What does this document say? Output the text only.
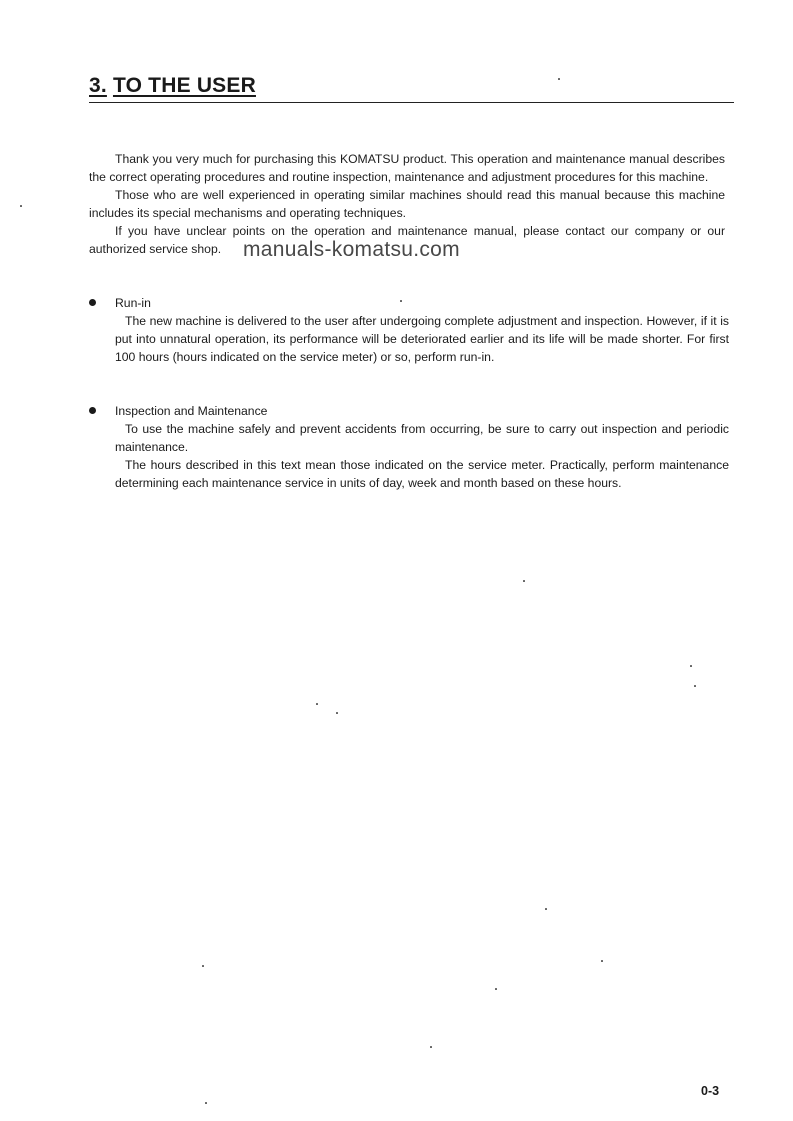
3. TO THE USER

Thank you very much for purchasing this KOMATSU product. This operation and maintenance manual describes the correct operating procedures and routine inspection, maintenance and adjustment procedures for this machine.

Those who are well experienced in operating similar machines should read this manual because this machine includes its special mechanisms and operating techniques.

If you have unclear points on the operation and maintenance manual, please contact our company or our authorized service shop.	manuals-komatsu.com
Run-in

The new machine is delivered to the user after undergoing complete adjustment and inspection. However, if it is put into unnatural operation, its performance will be deteriorated earlier and its life will be made shorter. For first 100 hours (hours indicated on the service meter) or so, perform run-in.

Inspection and Maintenance

To use the machine safely and prevent accidents from occurring, be sure to carry out inspection and periodic maintenance.

The hours described in this text mean those indicated on the service meter. Practically, perform maintenance determining each maintenance service in units of day, week and month based on these hours.

0-3
